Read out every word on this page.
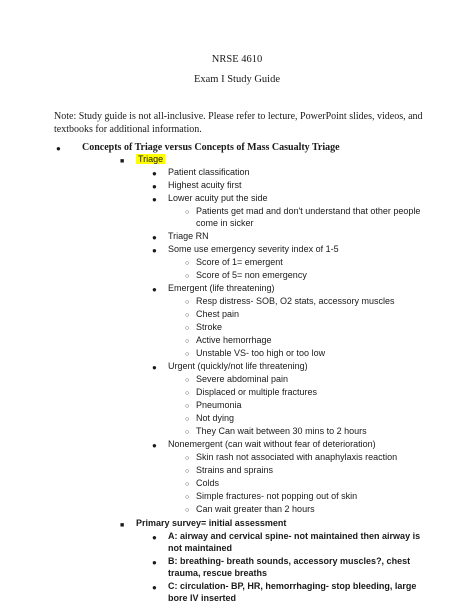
NRSE 4610
Exam I Study Guide
Note: Study guide is not all-inclusive. Please refer to lecture, PowerPoint slides, videos, and textbooks for additional information.
● Concepts of Triage versus Concepts of Mass Casualty Triage
■ Triage
● Patient classification
● Highest acuity first
● Lower acuity put the side
○ Patients get mad and don't understand that other people
come in sicker
● Triage RN
● Some use emergency severity index of 1-5
○ Score of 1= emergent
○ Score of 5= non emergency
● Emergent (life threatening)
○ Resp distress- SOB, O2 stats, accessory muscles
○ Chest pain
○ Stroke
○ Active hemorrhage
○ Unstable VS- too high or too low
● Urgent (quickly/not life threatening)
○ Severe abdominal pain
○ Displaced or multiple fractures
○ Pneumonia
○ Not dying
○ They Can wait between 30 mins to 2 hours
● Nonemergent (can wait without fear of deterioration)
○ Skin rash not associated with anaphylaxis reaction
○ Strains and sprains
○ Colds
○ Simple fractures- not popping out of skin
○ Can wait greater than 2 hours
■ Primary survey= initial assessment
● A: airway and cervical spine- not maintained then airway is
not maintained
● B: breathing- breath sounds, accessory muscles?, chest
trauma, rescue breaths
● C: circulation- BP, HR, hemorrhaging- stop bleeding, large
bore IV inserted
